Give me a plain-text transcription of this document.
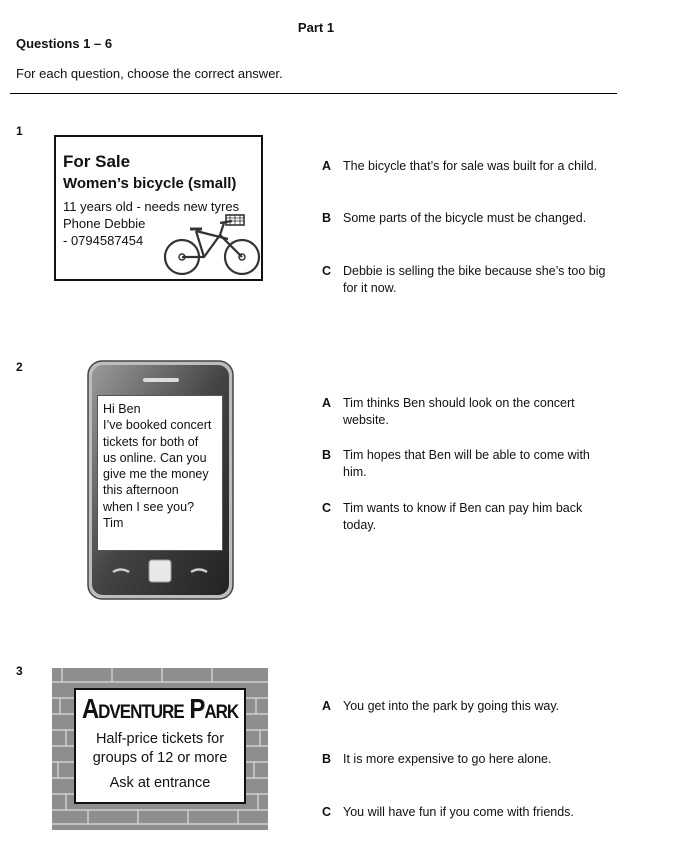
Part 1
Questions 1 – 6
For each question, choose the correct answer.
1
For Sale
Women’s bicycle (small)
11 years old - needs new tyres
Phone Debbie
- 0794587454
A The bicycle that’s for sale was built for a child.
B Some parts of the bicycle must be changed.
C Debbie is selling the bike because she’s too big for it now.
2
Hi Ben
I’ve booked concert
tickets for both of
us online. Can you
give me the money
this afternoon
when I see you?
Tim
A Tim thinks Ben should look on the concert website.
B Tim hopes that Ben will be able to come with him.
C Tim wants to know if Ben can pay him back today.
3
Adventure Park
Half-price tickets for
groups of 12 or more
Ask at entrance
A You get into the park by going this way.
B It is more expensive to go here alone.
C You will have fun if you come with friends.
